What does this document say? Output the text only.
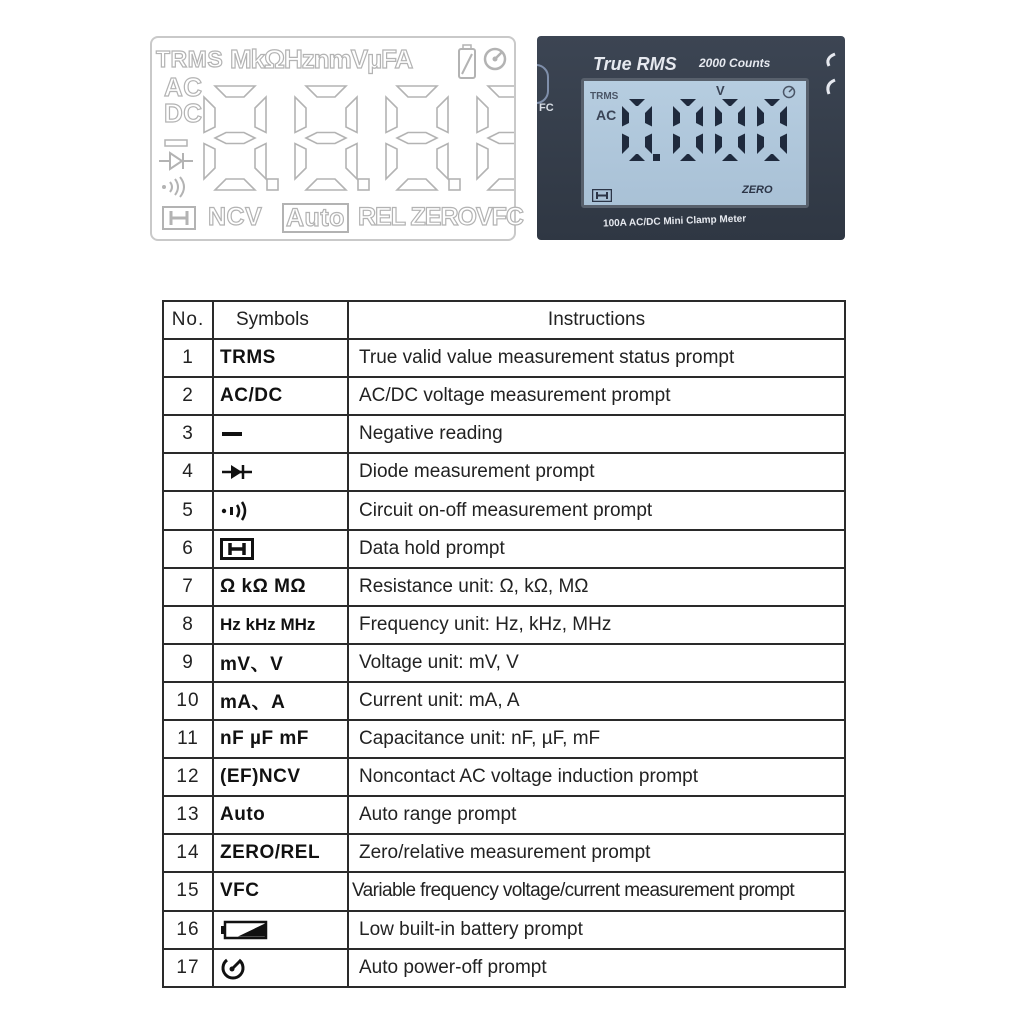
TRMS MkΩHznmVµFA
AC
DC
NCV Auto REL ZEROVFC
FC
True RMS 2000 Counts
TRMS
AC
V
ZERO
100A AC/DC Mini Clamp Meter
No.	Symbols	Instructions
1	TRMS	True valid value measurement status prompt
2	AC/DC	AC/DC voltage measurement prompt
3		Negative reading
4		Diode measurement prompt
5		Circuit on-off measurement prompt
6		Data hold prompt
7	Ω kΩ MΩ	Resistance unit: Ω, kΩ, MΩ
8	Hz kHz MHz	Frequency unit: Hz, kHz, MHz
9	mV、V	Voltage unit: mV, V
10	mA、A	Current unit: mA, A
11	nF µF mF	Capacitance unit: nF, µF, mF
12	(EF)NCV	Noncontact AC voltage induction prompt
13	Auto	Auto range prompt
14	ZERO/REL	Zero/relative measurement prompt
15	VFC	Variable frequency voltage/current measurement prompt
16		Low built-in battery prompt
17		Auto power-off prompt
